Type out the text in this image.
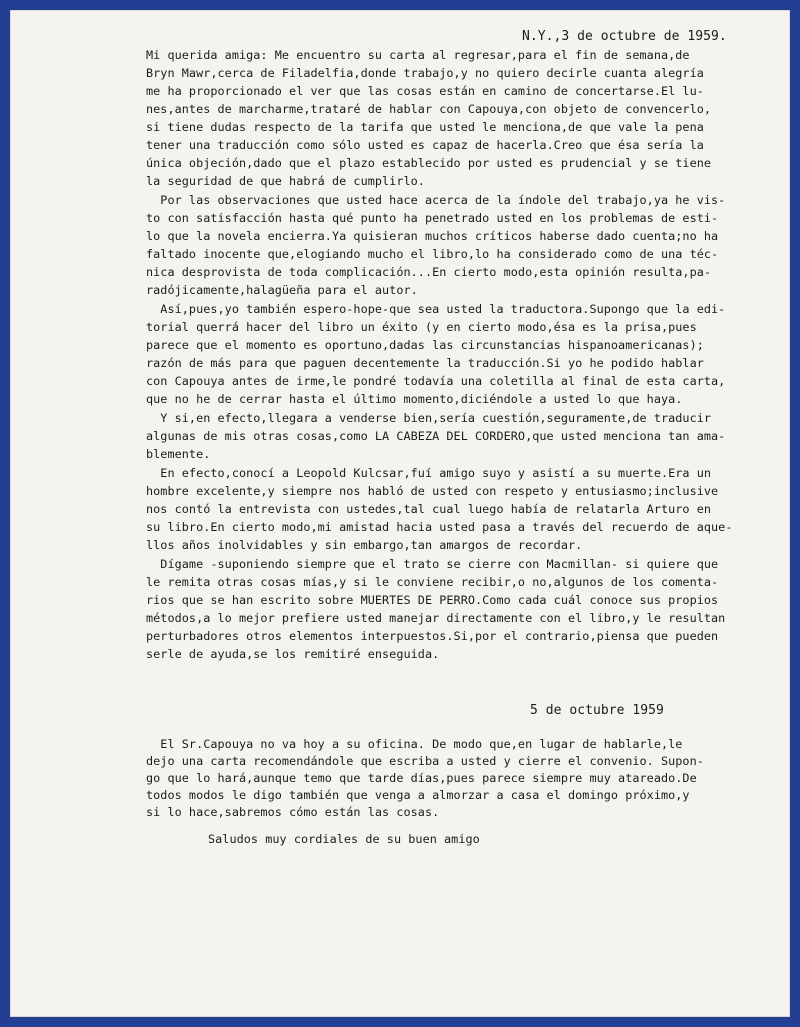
N.Y.,3 de octubre de 1959.
Mi querida amiga: Me encuentro su carta al regresar,para el fin de semana,de
Bryn Mawr,cerca de Filadelfia,donde trabajo,y no quiero decirle cuanta alegría
me ha proporcionado el ver que las cosas están en camino de concertarse.El lu-
nes,antes de marcharme,trataré de hablar con Capouya,con objeto de convencerlo,
si tiene dudas respecto de la tarifa que usted le menciona,de que vale la pena
tener una traducción como sólo usted es capaz de hacerla.Creo que ésa sería la
única objeción,dado que el plazo establecido por usted es prudencial y se tiene
la seguridad de que habrá de cumplirlo.
Por las observaciones que usted hace acerca de la índole del trabajo,ya he vis-
to con satisfacción hasta qué punto ha penetrado usted en los problemas de esti-
lo que la novela encierra.Ya quisieran muchos críticos haberse dado cuenta;no ha
faltado inocente que,elogiando mucho el libro,lo ha considerado como de una téc-
nica desprovista de toda complicación...En cierto modo,esta opinión resulta,pa-
radójicamente,halagüeña para el autor.
Así,pues,yo también espero-hope-que sea usted la traductora.Supongo que la edi-
torial querrá hacer del libro un éxito (y en cierto modo,ésa es la prisa,pues
parece que el momento es oportuno,dadas las circunstancias hispanoamericanas);
razón de más para que paguen decentemente la traducción.Si yo he podido hablar
con Capouya antes de irme,le pondré todavía una coletilla al final de esta carta,
que no he de cerrar hasta el último momento,diciéndole a usted lo que haya.
Y si,en efecto,llegara a venderse bien,sería cuestión,seguramente,de traducir
algunas de mis otras cosas,como LA CABEZA DEL CORDERO,que usted menciona tan ama-
blemente.
En efecto,conocí a Leopold Kulcsar,fuí amigo suyo y asistí a su muerte.Era un
hombre excelente,y siempre nos habló de usted con respeto y entusiasmo;inclusive
nos contó la entrevista con ustedes,tal cual luego había de relatarla Arturo en
su libro.En cierto modo,mi amistad hacia usted pasa a través del recuerdo de aque-
llos años inolvidables y sin embargo,tan amargos de recordar.
Dígame -suponiendo siempre que el trato se cierre con Macmillan- si quiere que
le remita otras cosas mías,y si le conviene recibir,o no,algunos de los comenta-
rios que se han escrito sobre MUERTES DE PERRO.Como cada cuál conoce sus propios
métodos,a lo mejor prefiere usted manejar directamente con el libro,y le resultan
perturbadores otros elementos interpuestos.Si,por el contrario,piensa que pueden
serle de ayuda,se los remitiré enseguida.
5 de octubre 1959
El Sr.Capouya no va hoy a su oficina. De modo que,en lugar de hablarle,le
dejo una carta recomendándole que escriba a usted y cierre el convenio. Supon-
go que lo hará,aunque temo que tarde días,pues parece siempre muy atareado.De
todos modos le digo también que venga a almorzar a casa el domingo próximo,y
si lo hace,sabremos cómo están las cosas.
Saludos muy cordiales de su buen amigo
